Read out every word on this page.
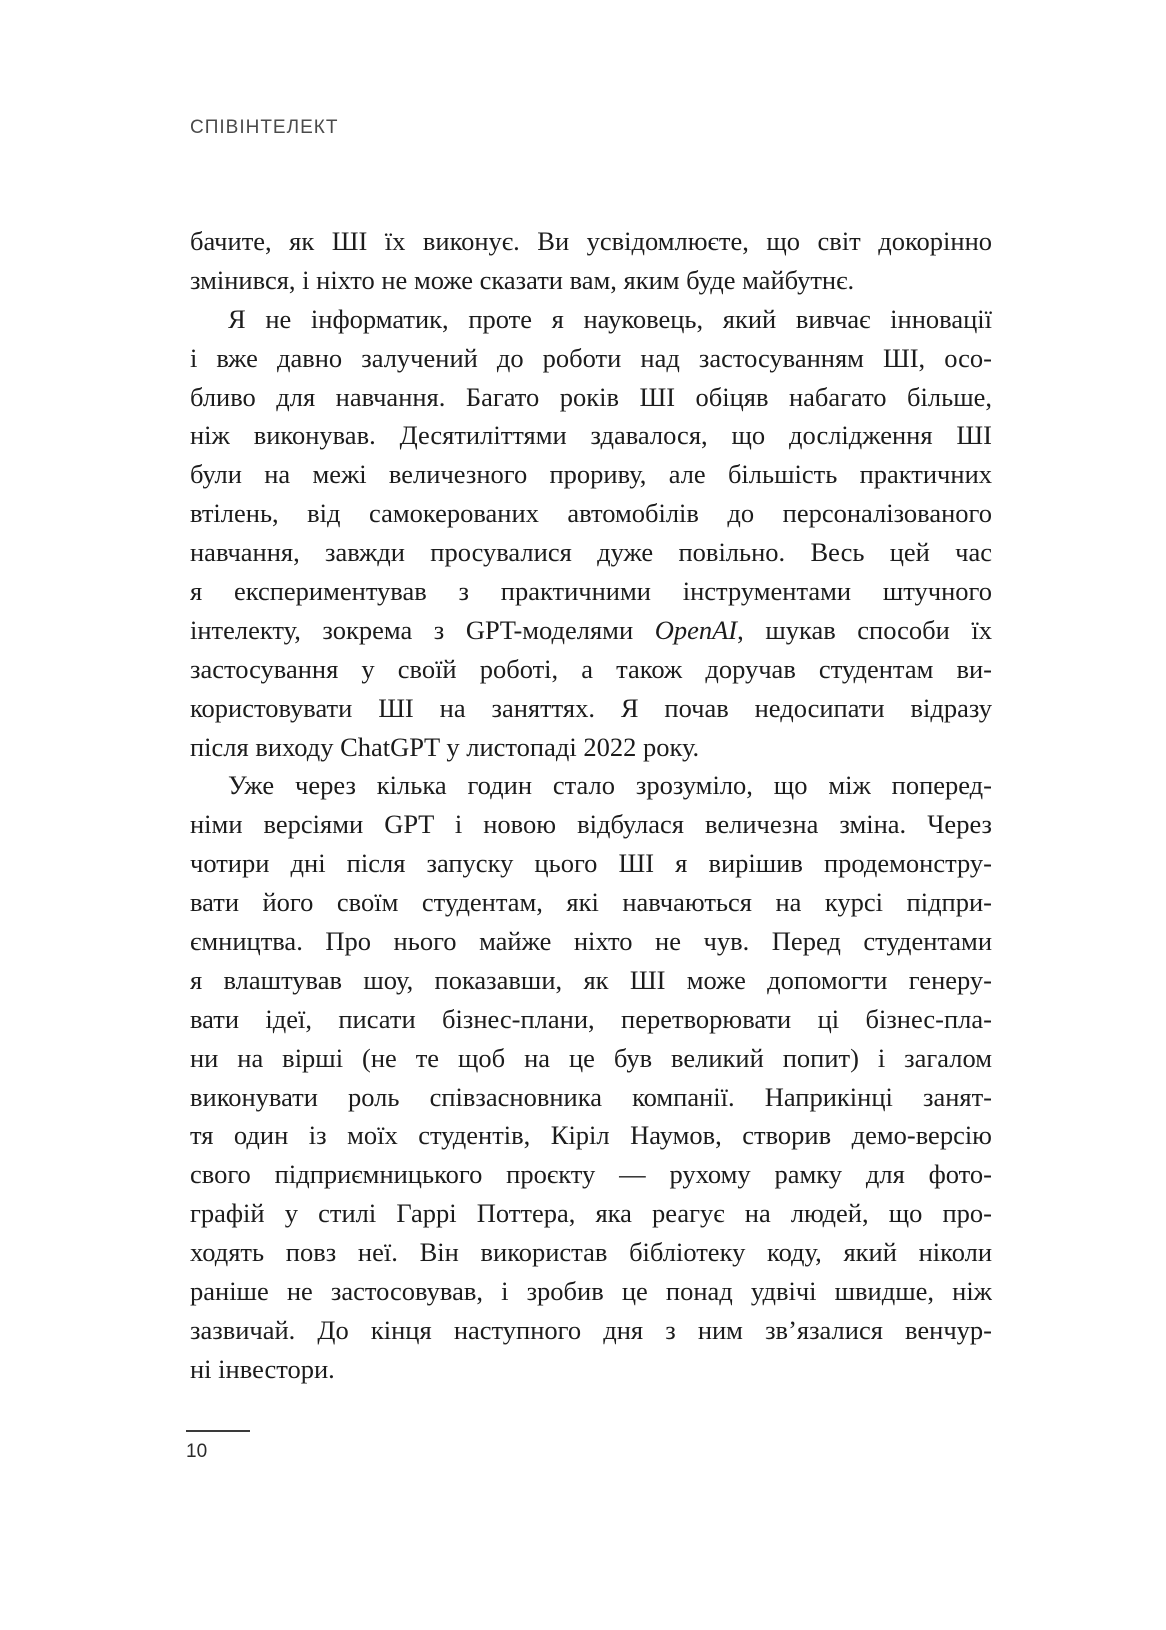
СПІВІНТЕЛЕКТ
бачите, як ШІ їх виконує. Ви усвідомлюєте, що світ докорінно
змінився, і ніхто не може сказати вам, яким буде майбутнє.
Я не інформатик, проте я науковець, який вивчає інновації
і вже давно залучений до роботи над застосуванням ШІ, осо-
бливо для навчання. Багато років ШІ обіцяв набагато більше,
ніж виконував. Десятиліттями здавалося, що дослідження ШІ
були на межі величезного прориву, але більшість практичних
втілень, від самокерованих автомобілів до персоналізованого
навчання, завжди просувалися дуже повільно. Весь цей час
я експериментував з практичними інструментами штучного
інтелекту, зокрема з GPT-моделями OpenAI, шукав способи їх
застосування у своїй роботі, а також доручав студентам ви-
користовувати ШІ на заняттях. Я почав недосипати відразу
після виходу ChatGPT у листопаді 2022 року.
Уже через кілька годин стало зрозуміло, що між поперед-
німи версіями GPT і новою відбулася величезна зміна. Через
чотири дні після запуску цього ШІ я вирішив продемонстру-
вати його своїм студентам, які навчаються на курсі підпри-
ємництва. Про нього майже ніхто не чув. Перед студентами
я влаштував шоу, показавши, як ШІ може допомогти генеру-
вати ідеї, писати бізнес-плани, перетворювати ці бізнес-пла-
ни на вірші (не те щоб на це був великий попит) і загалом
виконувати роль співзасновника компанії. Наприкінці занят-
тя один із моїх студентів, Кіріл Наумов, створив демо-версію
свого підприємницького проєкту — рухому рамку для фото-
графій у стилі Гаррі Поттера, яка реагує на людей, що про-
ходять повз неї. Він використав бібліотеку коду, який ніколи
раніше не застосовував, і зробив це понад удвічі швидше, ніж
зазвичай. До кінця наступного дня з ним зв’язалися венчур-
ні інвестори.
10
